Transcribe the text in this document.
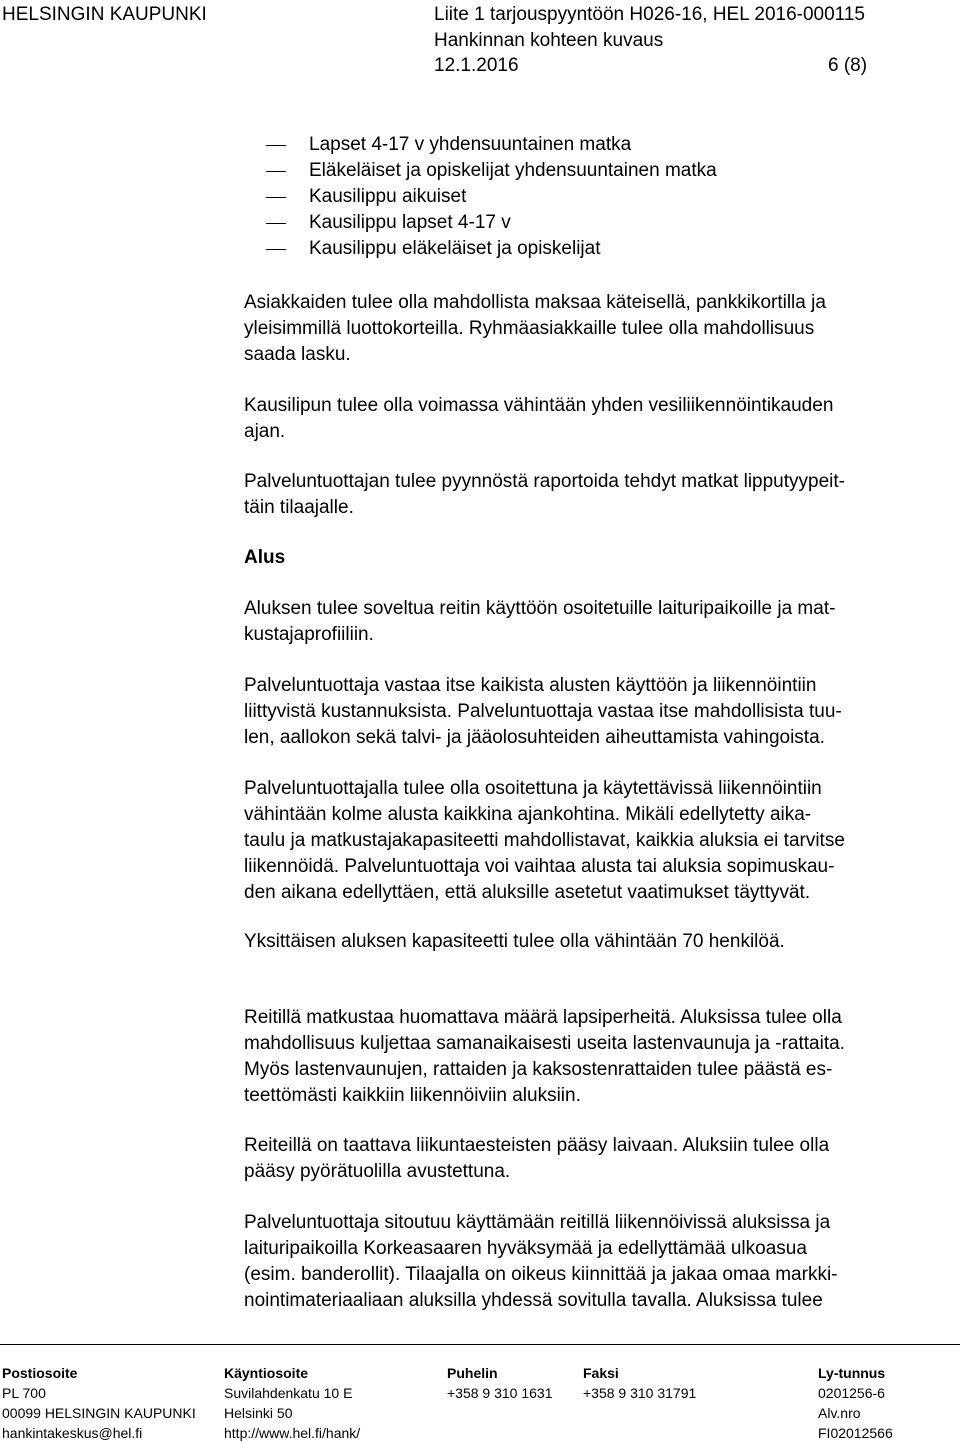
HELSINGIN KAUPUNKI	Liite 1 tarjouspyyntöön H026-16, HEL 2016-000115
Hankinnan kohteen kuvaus
12.1.2016	6 (8)
Lapset 4-17 v yhdensuuntainen matka
Eläkeläiset ja opiskelijat yhdensuuntainen matka
Kausilippu aikuiset
Kausilippu lapset 4-17 v
Kausilippu eläkeläiset ja opiskelijat
Asiakkaiden tulee olla mahdollista maksaa käteisellä, pankkikortilla ja
yleisimmillä luottokorteilla. Ryhmäasiakkaille tulee olla mahdollisuus
saada lasku.
Kausilipun tulee olla voimassa vähintään yhden vesiliikennöintikauden
ajan.
Palveluntuottajan tulee pyynnöstä raportoida tehdyt matkat lipputyypeit-
täin tilaajalle.
Alus
Aluksen tulee soveltua reitin käyttöön osoitetuille laituripaikoille ja mat-
kustajaprofiiliin.
Palveluntuottaja vastaa itse kaikista alusten käyttöön ja liikennöintiin
liittyvistä kustannuksista. Palveluntuottaja vastaa itse mahdollisista tuu-
len, aallokon sekä talvi- ja jääolosuhteiden aiheuttamista vahingoista.
Palveluntuottajalla tulee olla osoitettuna ja käytettävissä liikennöintiin
vähintään kolme alusta kaikkina ajankohtina. Mikäli edellytetty aika-
taulu ja matkustajakapasiteetti mahdollistavat, kaikkia aluksia ei tarvitse
liikennöidä. Palveluntuottaja voi vaihtaa alusta tai aluksia sopimuskau-
den aikana edellyttäen, että aluksille asetetut vaatimukset täyttyvät.
Yksittäisen aluksen kapasiteetti tulee olla vähintään 70 henkilöä.
Reitillä matkustaa huomattava määrä lapsiperheitä. Aluksissa tulee olla
mahdollisuus kuljettaa samanaikaisesti useita lastenvaunuja ja -rattaita.
Myös lastenvaunujen, rattaiden ja kaksostenrattaiden tulee päästä es-
teettömästi kaikkiin liikennöiviin aluksiin.
Reiteillä on taattava liikuntaesteisten pääsy laivaan. Aluksiin tulee olla
pääsy pyörätuolilla avustettuna.
Palveluntuottaja sitoutuu käyttämään reitillä liikennöivissä aluksissa ja
laituripaikoilla Korkeasaaren hyväksymää ja edellyttämää ulkoasua
(esim. banderollit). Tilaajalla on oikeus kiinnittää ja jakaa omaa markki-
nointimateriaaliaan aluksilla yhdessä sovitulla tavalla. Aluksissa tulee
Postiosoite
PL 700
00099 HELSINGIN KAUPUNKI
hankintakeskus@hel.fi
Käyntiosoite
Suvilahdenkatu 10 E
Helsinki 50
http://www.hel.fi/hank/
Puhelin
+358 9 310 1631
Faksi
+358 9 310 31791
Ly-tunnus
0201256-6
Alv.nro
FI02012566
